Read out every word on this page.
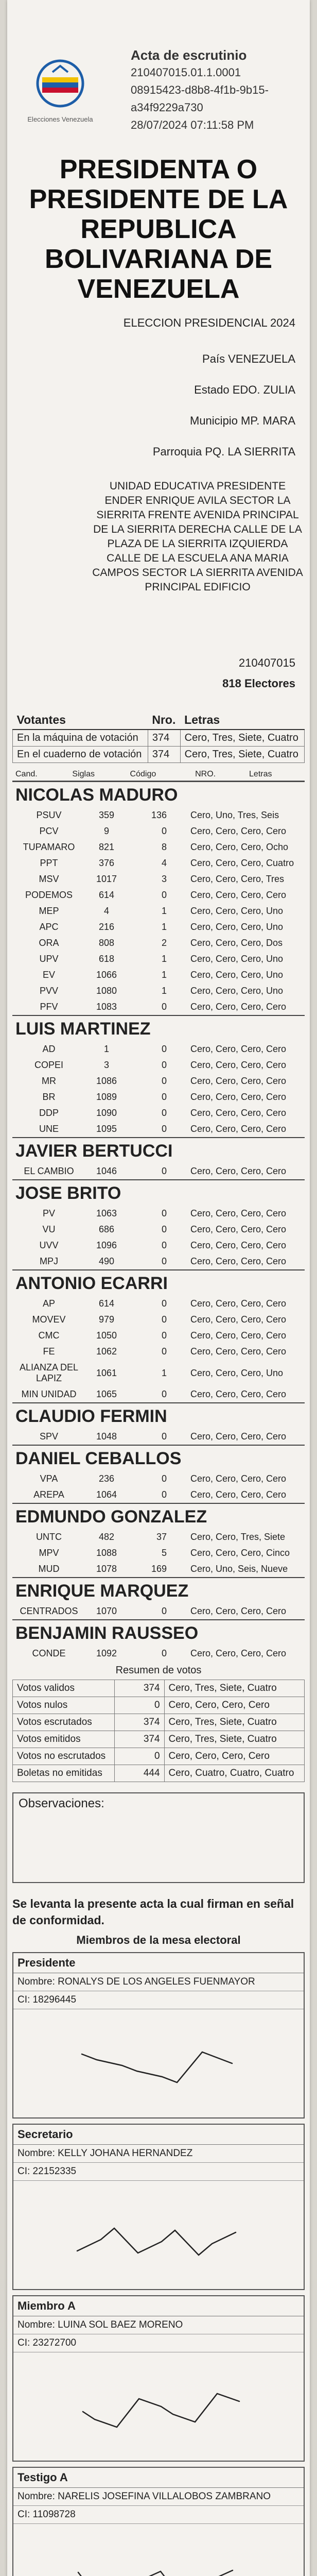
Elecciones Venezuela
Acta de escrutinio
210407015.01.1.0001
08915423-d8b8-4f1b-9b15-
a34f9229a730
28/07/2024 07:11:58 PM
PRESIDENTA O PRESIDENTE DE LA REPUBLICA BOLIVARIANA DE VENEZUELA
ELECCION PRESIDENCIAL 2024
País VENEZUELA
Estado EDO. ZULIA
Municipio MP. MARA
Parroquia PQ. LA SIERRITA
UNIDAD EDUCATIVA PRESIDENTE ENDER ENRIQUE AVILA SECTOR LA SIERRITA FRENTE AVENIDA PRINCIPAL DE LA SIERRITA DERECHA CALLE DE LA PLAZA DE LA SIERRITA IZQUIERDA CALLE DE LA ESCUELA ANA MARIA CAMPOS SECTOR LA SIERRITA AVENIDA PRINCIPAL EDIFICIO
210407015
818 Electores
Votantes	Nro.	Letras
En la máquina de votación	374	Cero, Tres, Siete, Cuatro
En el cuaderno de votación	374	Cero, Tres, Siete, Cuatro
Cand.	Siglas	Código	NRO.	Letras
NICOLAS MADURO
PSUV	359	136	Cero, Uno, Tres, Seis
PCV	9	0	Cero, Cero, Cero, Cero
TUPAMARO	821	8	Cero, Cero, Cero, Ocho
PPT	376	4	Cero, Cero, Cero, Cuatro
MSV	1017	3	Cero, Cero, Cero, Tres
PODEMOS	614	0	Cero, Cero, Cero, Cero
MEP	4	1	Cero, Cero, Cero, Uno
APC	216	1	Cero, Cero, Cero, Uno
ORA	808	2	Cero, Cero, Cero, Dos
UPV	618	1	Cero, Cero, Cero, Uno
EV	1066	1	Cero, Cero, Cero, Uno
PVV	1080	1	Cero, Cero, Cero, Uno
PFV	1083	0	Cero, Cero, Cero, Cero
LUIS MARTINEZ
AD	1	0	Cero, Cero, Cero, Cero
COPEI	3	0	Cero, Cero, Cero, Cero
MR	1086	0	Cero, Cero, Cero, Cero
BR	1089	0	Cero, Cero, Cero, Cero
DDP	1090	0	Cero, Cero, Cero, Cero
UNE	1095	0	Cero, Cero, Cero, Cero
JAVIER BERTUCCI
EL CAMBIO	1046	0	Cero, Cero, Cero, Cero
JOSE BRITO
PV	1063	0	Cero, Cero, Cero, Cero
VU	686	0	Cero, Cero, Cero, Cero
UVV	1096	0	Cero, Cero, Cero, Cero
MPJ	490	0	Cero, Cero, Cero, Cero
ANTONIO ECARRI
AP	614	0	Cero, Cero, Cero, Cero
MOVEV	979	0	Cero, Cero, Cero, Cero
CMC	1050	0	Cero, Cero, Cero, Cero
FE	1062	0	Cero, Cero, Cero, Cero
ALIANZA DEL LAPIZ	1061	1	Cero, Cero, Cero, Uno
MIN UNIDAD	1065	0	Cero, Cero, Cero, Cero
CLAUDIO FERMIN
SPV	1048	0	Cero, Cero, Cero, Cero
DANIEL CEBALLOS
VPA	236	0	Cero, Cero, Cero, Cero
AREPA	1064	0	Cero, Cero, Cero, Cero
EDMUNDO GONZALEZ
UNTC	482	37	Cero, Cero, Tres, Siete
MPV	1088	5	Cero, Cero, Cero, Cinco
MUD	1078	169	Cero, Uno, Seis, Nueve
ENRIQUE MARQUEZ
CENTRADOS	1070	0	Cero, Cero, Cero, Cero
BENJAMIN RAUSSEO
CONDE	1092	0	Cero, Cero, Cero, Cero
Resumen de votos
Votos validos	374	Cero, Tres, Siete, Cuatro
Votos nulos	0	Cero, Cero, Cero, Cero
Votos escrutados	374	Cero, Tres, Siete, Cuatro
Votos emitidos	374	Cero, Tres, Siete, Cuatro
Votos no escrutados	0	Cero, Cero, Cero, Cero
Boletas no emitidas	444	Cero, Cuatro, Cuatro, Cuatro
Observaciones:
Se levanta la presente acta la cual firman en señal de conformidad.
Miembros de la mesa electoral
Presidente
Nombre: RONALYS DE LOS ANGELES FUENMAYOR
CI: 18296445
Secretario
Nombre: KELLY JOHANA HERNANDEZ
CI: 22152335
Miembro A
Nombre: LUINA SOL BAEZ MORENO
CI: 23272700
Testigo A
Nombre: NARELIS JOSEFINA VILLALOBOS ZAMBRANO
CI: 11098728
